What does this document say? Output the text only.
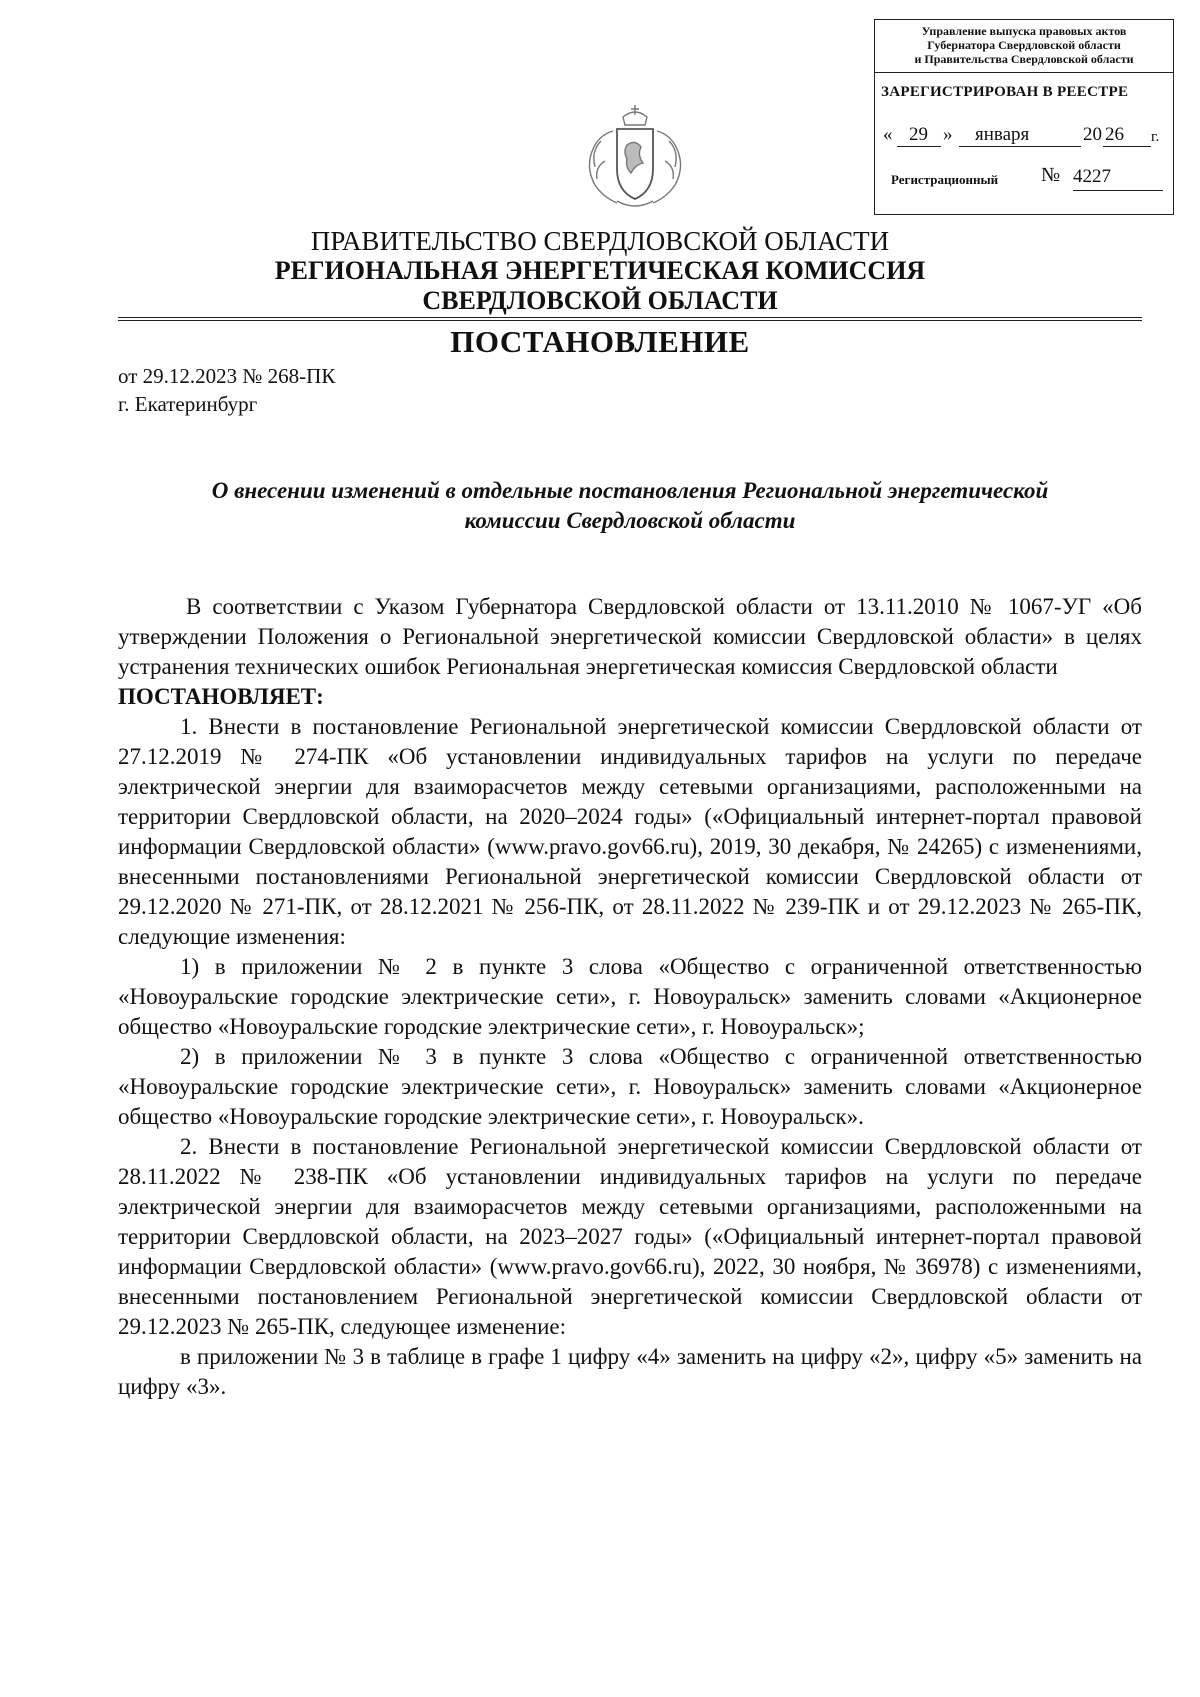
Управление выпуска правовых актов
Губернатора Свердловской области
и Правительства Свердловской области
ЗАРЕГИСТРИРОВАН В РЕЕСТРЕ
« 29 » января	20 26 г.
Регистрационный № 4227
ПРАВИТЕЛЬСТВО СВЕРДЛОВСКОЙ ОБЛАСТИ
РЕГИОНАЛЬНАЯ ЭНЕРГЕТИЧЕСКАЯ КОМИССИЯ
СВЕРДЛОВСКОЙ ОБЛАСТИ
ПОСТАНОВЛЕНИЕ
от 29.12.2023 № 268-ПК
г. Екатеринбург
О внесении изменений в отдельные постановления Региональной энергетической
комиссии Свердловской области

В соответствии с Указом Губернатора Свердловской области от 13.11.2010 № 1067-УГ «Об утверждении Положения о Региональной энергетической комиссии Свердловской области» в целях устранения технических ошибок Региональная энергетическая комиссия Свердловской области

ПОСТАНОВЛЯЕТ:

1. Внести в постановление Региональной энергетической комиссии Свердловской области от 27.12.2019 № 274-ПК «Об установлении индивидуальных тарифов на услуги по передаче электрической энергии для взаиморасчетов между сетевыми организациями, расположенными на территории Свердловской области, на 2020–2024 годы» («Официальный интернет-портал правовой информации Свердловской области» (www.pravo.gov66.ru), 2019, 30 декабря, № 24265) с изменениями, внесенными постановлениями Региональной энергетической комиссии Свердловской области от 29.12.2020 № 271-ПК, от 28.12.2021 № 256-ПК, от 28.11.2022 № 239-ПК и от 29.12.2023 № 265-ПК, следующие изменения:

1) в приложении № 2 в пункте 3 слова «Общество с ограниченной ответственностью «Новоуральские городские электрические сети», г. Новоуральск» заменить словами «Акционерное общество «Новоуральские городские электрические сети», г. Новоуральск»;

2) в приложении № 3 в пункте 3 слова «Общество с ограниченной ответственностью «Новоуральские городские электрические сети», г. Новоуральск» заменить словами «Акционерное общество «Новоуральские городские электрические сети», г. Новоуральск».

2. Внести в постановление Региональной энергетической комиссии Свердловской области от 28.11.2022 № 238-ПК «Об установлении индивидуальных тарифов на услуги по передаче электрической энергии для взаиморасчетов между сетевыми организациями, расположенными на территории Свердловской области, на 2023–2027 годы» («Официальный интернет-портал правовой информации Свердловской области» (www.pravo.gov66.ru), 2022, 30 ноября, № 36978) с изменениями, внесенными постановлением Региональной энергетической комиссии Свердловской области от 29.12.2023 № 265-ПК, следующее изменение:

в приложении № 3 в таблице в графе 1 цифру «4» заменить на цифру «2», цифру «5» заменить на цифру «3».
